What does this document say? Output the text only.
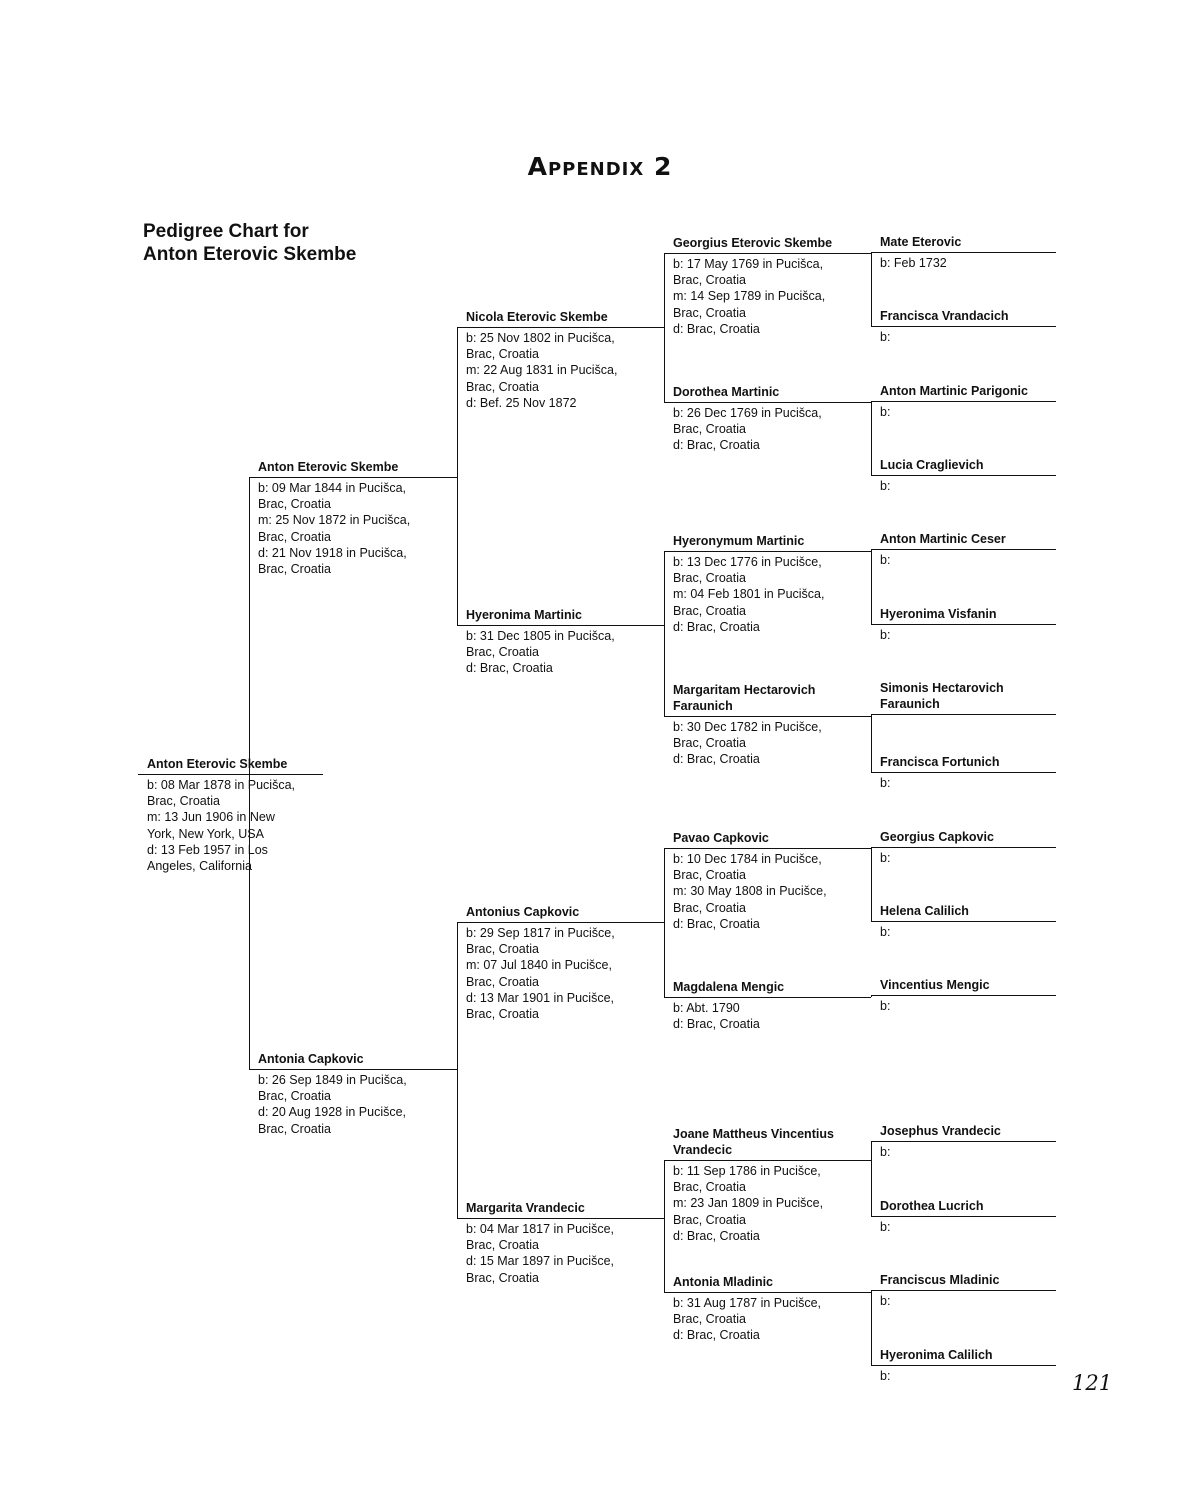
Appendix 2
Pedigree Chart for
Anton Eterovic Skembe
Anton Eterovic Skembe
b: 08 Mar 1878 in Pucišca,
Brac, Croatia
m: 13 Jun 1906 in New
York, New York, USA
d: 13 Feb 1957 in Los
Angeles, California
Anton Eterovic Skembe
b: 09 Mar 1844 in Pucišca,
Brac, Croatia
m: 25 Nov 1872 in Pucišca,
Brac, Croatia
d: 21 Nov 1918 in Pucišca,
Brac, Croatia
Antonia Capkovic
b: 26 Sep 1849 in Pucišca,
Brac, Croatia
d: 20 Aug 1928 in Pucišce,
Brac, Croatia
Nicola Eterovic Skembe
b: 25 Nov 1802 in Pucišca,
Brac, Croatia
m: 22 Aug 1831 in Pucišca,
Brac, Croatia
d: Bef. 25 Nov 1872
Hyeronima Martinic
b: 31 Dec 1805 in Pucišca,
Brac, Croatia
d: Brac, Croatia
Antonius Capkovic
b: 29 Sep 1817 in Pucišce,
Brac, Croatia
m: 07 Jul 1840 in Pucišce,
Brac, Croatia
d: 13 Mar 1901 in Pucišce,
Brac, Croatia
Margarita Vrandecic
b: 04 Mar 1817 in Pucišce,
Brac, Croatia
d: 15 Mar 1897 in Pucišce,
Brac, Croatia
Georgius Eterovic Skembe
b: 17 May 1769 in Pucišca,
Brac, Croatia
m: 14 Sep 1789 in Pucišca,
Brac, Croatia
d: Brac, Croatia
Dorothea Martinic
b: 26 Dec 1769 in Pucišca,
Brac, Croatia
d: Brac, Croatia
Hyeronymum Martinic
b: 13 Dec 1776 in Pucišce,
Brac, Croatia
m: 04 Feb 1801 in Pucišca,
Brac, Croatia
d: Brac, Croatia
Margaritam Hectarovich Faraunich
b: 30 Dec 1782 in Pucišce,
Brac, Croatia
d: Brac, Croatia
Pavao Capkovic
b: 10 Dec 1784 in Pucišce,
Brac, Croatia
m: 30 May 1808 in Pucišce,
Brac, Croatia
d: Brac, Croatia
Magdalena Mengic
b: Abt. 1790
d: Brac, Croatia
Joane Mattheus Vincentius Vrandecic
b: 11 Sep 1786 in Pucišce,
Brac, Croatia
m: 23 Jan 1809 in Pucišce,
Brac, Croatia
d: Brac, Croatia
Antonia Mladinic
b: 31 Aug 1787 in Pucišce,
Brac, Croatia
d: Brac, Croatia
Mate Eterovic
b: Feb 1732
Francisca Vrandacich
b:
Anton Martinic Parigonic
b:
Lucia Craglievich
b:
Anton Martinic Ceser
b:
Hyeronima Visfanin
b:
Simonis Hectarovich Faraunich
Francisca Fortunich
b:
Georgius Capkovic
b:
Helena Calilich
b:
Vincentius Mengic
b:
Josephus Vrandecic
b:
Dorothea Lucrich
b:
Franciscus Mladinic
b:
Hyeronima Calilich
b:	121
